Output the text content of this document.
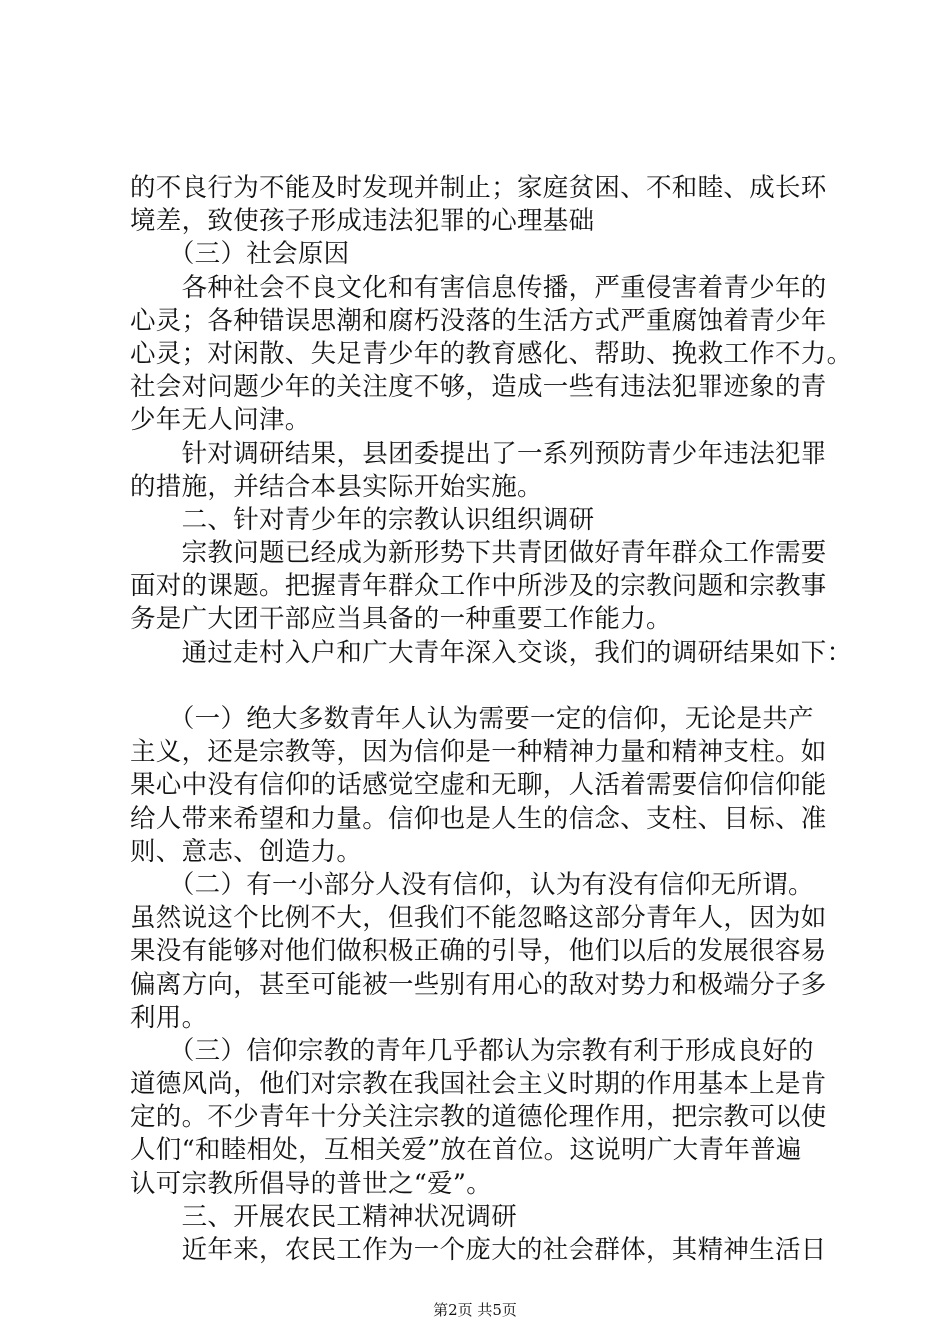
的不良行为不能及时发现并制止；家庭贫困、不和睦、成长环
境差，致使孩子形成违法犯罪的心理基础
　　（三）社会原因
　　各种社会不良文化和有害信息传播，严重侵害着青少年的
心灵；各种错误思潮和腐朽没落的生活方式严重腐蚀着青少年
心灵；对闲散、失足青少年的教育感化、帮助、挽救工作不力。
社会对问题少年的关注度不够，造成一些有违法犯罪迹象的青
少年无人问津。
　　针对调研结果，县团委提出了一系列预防青少年违法犯罪
的措施，并结合本县实际开始实施。
　　二、针对青少年的宗教认识组织调研
　　宗教问题已经成为新形势下共青团做好青年群众工作需要
面对的课题。把握青年群众工作中所涉及的宗教问题和宗教事
务是广大团干部应当具备的一种重要工作能力。
　　通过走村入户和广大青年深入交谈，我们的调研结果如下：
　　（一）绝大多数青年人认为需要一定的信仰，无论是共产
主义，还是宗教等，因为信仰是一种精神力量和精神支柱。如
果心中没有信仰的话感觉空虚和无聊，人活着需要信仰信仰能
给人带来希望和力量。信仰也是人生的信念、支柱、目标、准
则、意志、创造力。
　　（二）有一小部分人没有信仰，认为有没有信仰无所谓。
虽然说这个比例不大，但我们不能忽略这部分青年人，因为如
果没有能够对他们做积极正确的引导，他们以后的发展很容易
偏离方向，甚至可能被一些别有用心的敌对势力和极端分子多
利用。
　　（三）信仰宗教的青年几乎都认为宗教有利于形成良好的
道德风尚，他们对宗教在我国社会主义时期的作用基本上是肯
定的。不少青年十分关注宗教的道德伦理作用，把宗教可以使
人们“和睦相处，互相关爱”放在首位。这说明广大青年普遍
认可宗教所倡导的普世之“爱”。
　　三、开展农民工精神状况调研
　　近年来，农民工作为一个庞大的社会群体，其精神生活日
第2页 共5页
